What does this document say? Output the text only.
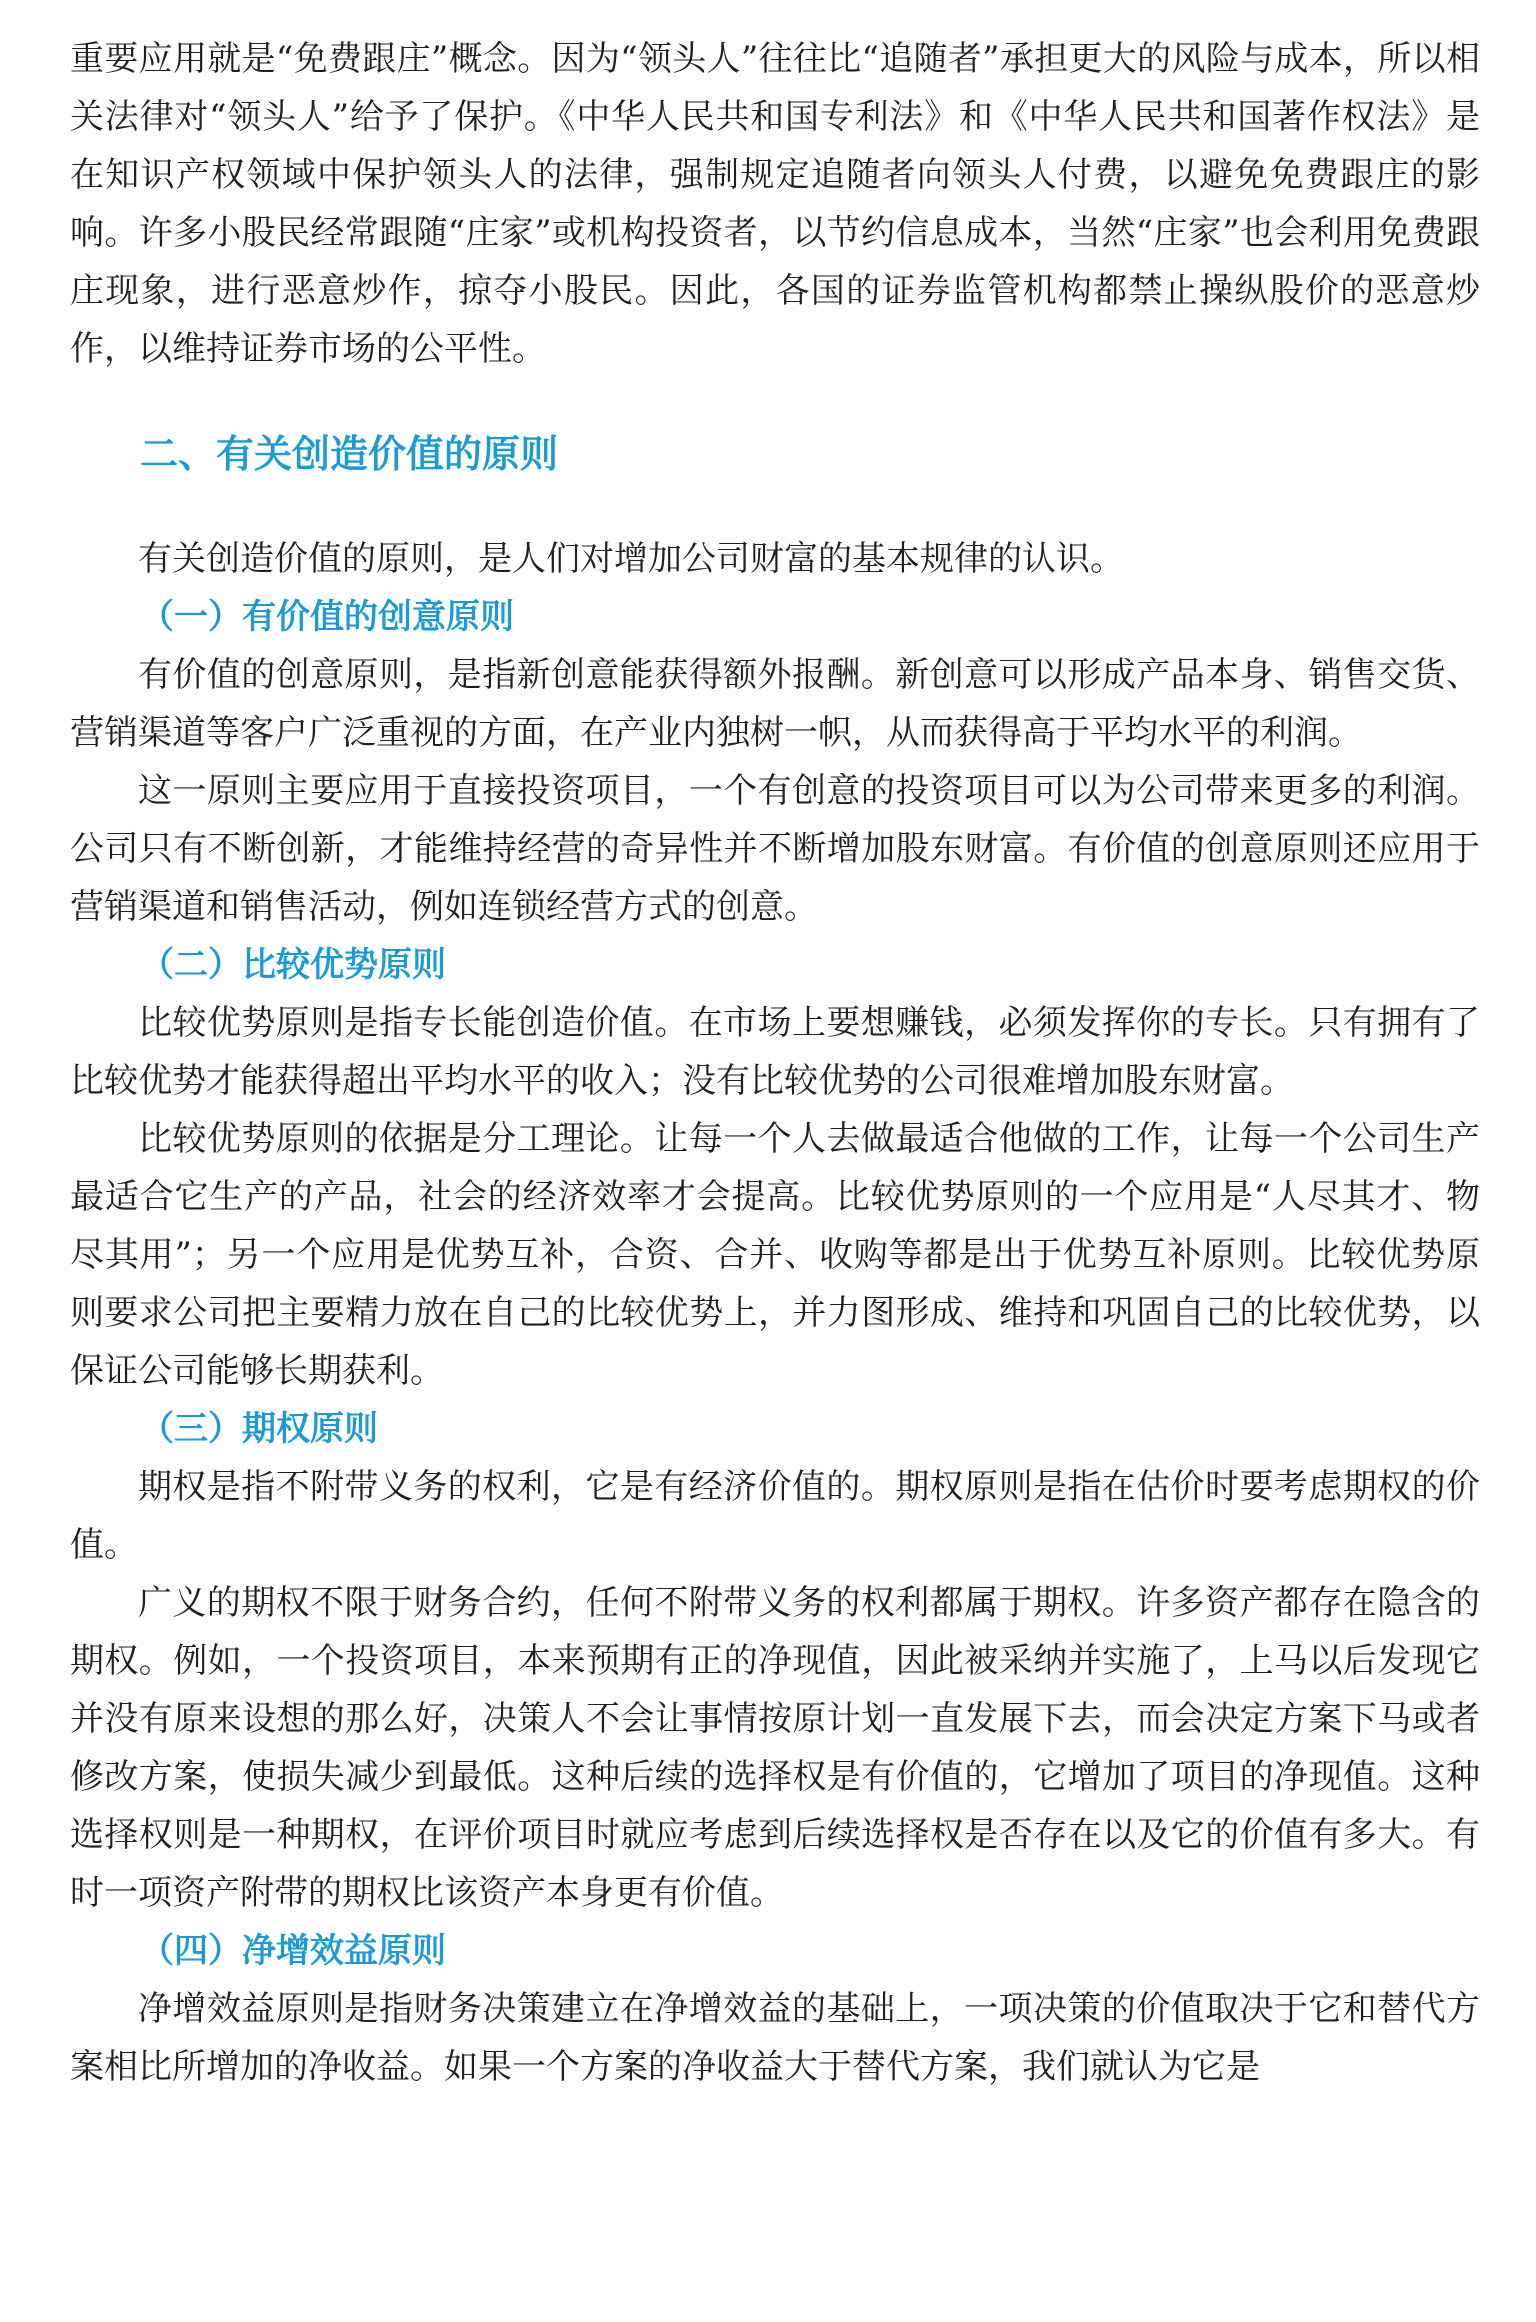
重要应用就是“免费跟庄”概念。因为“领头人”往往比“追随者”承担更大的风险与成本，所以相关法律对“领头人”给予了保护。《中华人民共和国专利法》和《中华人民共和国著作权法》是在知识产权领域中保护领头人的法律，强制规定追随者向领头人付费，以避免免费跟庄的影响。许多小股民经常跟随“庄家”或机构投资者，以节约信息成本，当然“庄家”也会利用免费跟庄现象，进行恶意炒作，掠夺小股民。因此，各国的证券监管机构都禁止操纵股价的恶意炒作，以维持证券市场的公平性。

二、有关创造价值的原则

有关创造价值的原则，是人们对增加公司财富的基本规律的认识。

（一）有价值的创意原则

有价值的创意原则，是指新创意能获得额外报酬。新创意可以形成产品本身、销售交货、营销渠道等客户广泛重视的方面，在产业内独树一帜，从而获得高于平均水平的利润。

这一原则主要应用于直接投资项目，一个有创意的投资项目可以为公司带来更多的利润。公司只有不断创新，才能维持经营的奇异性并不断增加股东财富。有价值的创意原则还应用于营销渠道和销售活动，例如连锁经营方式的创意。

（二）比较优势原则

比较优势原则是指专长能创造价值。在市场上要想赚钱，必须发挥你的专长。只有拥有了比较优势才能获得超出平均水平的收入；没有比较优势的公司很难增加股东财富。

比较优势原则的依据是分工理论。让每一个人去做最适合他做的工作，让每一个公司生产最适合它生产的产品，社会的经济效率才会提高。比较优势原则的一个应用是“人尽其才、物尽其用”；另一个应用是优势互补，合资、合并、收购等都是出于优势互补原则。比较优势原则要求公司把主要精力放在自己的比较优势上，并力图形成、维持和巩固自己的比较优势，以保证公司能够长期获利。

（三）期权原则

期权是指不附带义务的权利，它是有经济价值的。期权原则是指在估价时要考虑期权的价值。

广义的期权不限于财务合约，任何不附带义务的权利都属于期权。许多资产都存在隐含的期权。例如，一个投资项目，本来预期有正的净现值，因此被采纳并实施了，上马以后发现它并没有原来设想的那么好，决策人不会让事情按原计划一直发展下去，而会决定方案下马或者修改方案，使损失减少到最低。这种后续的选择权是有价值的，它增加了项目的净现值。这种选择权则是一种期权，在评价项目时就应考虑到后续选择权是否存在以及它的价值有多大。有时一项资产附带的期权比该资产本身更有价值。

（四）净增效益原则

净增效益原则是指财务决策建立在净增效益的基础上，一项决策的价值取决于它和替代方案相比所增加的净收益。如果一个方案的净收益大于替代方案，我们就认为它是
